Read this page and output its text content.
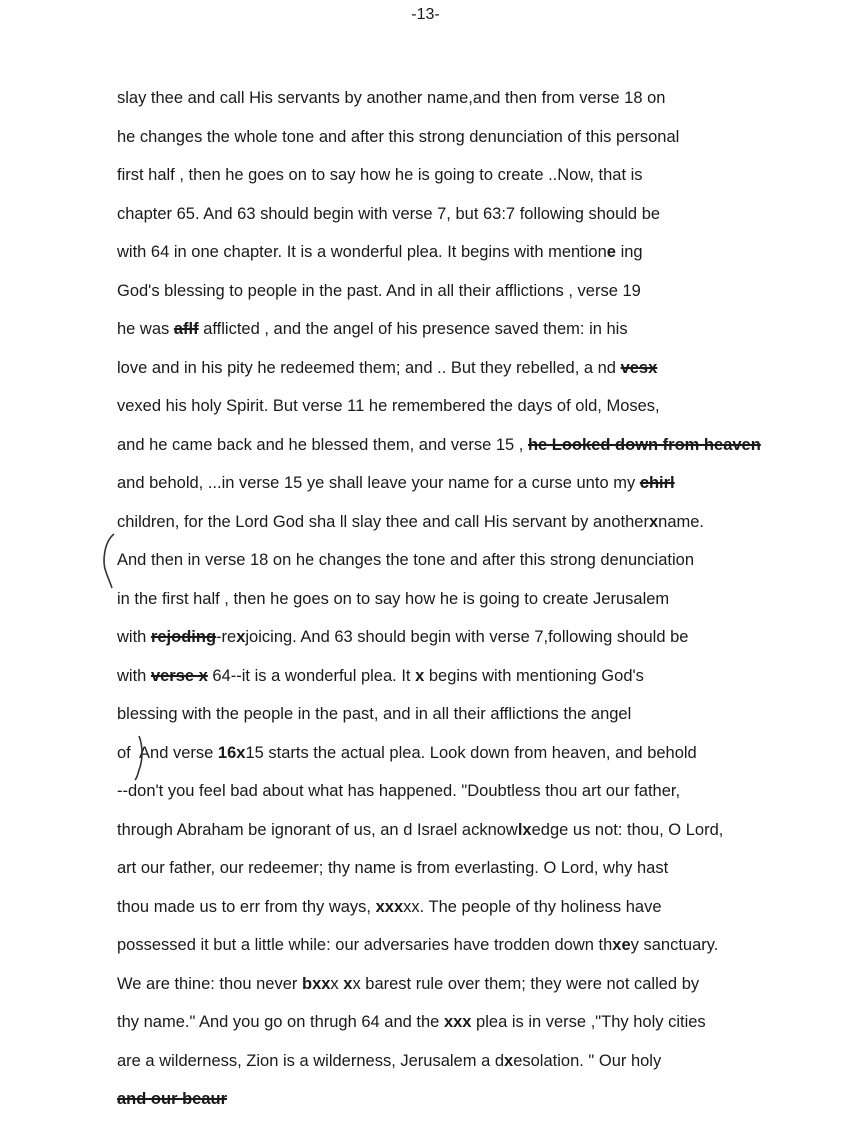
-13-
slay thee and call His servants by another name,and then from verse 18 on
he changes the whole tone and after this strong denunciation of this personal
first half , then he goes on to say how he is going to create ..Now, that is
chapter 65. And 63 should begin with verse 7, but 63:7 following should be
with 64 in one chapter. It is a wonderful plea. It begins with mentione ing
God's blessing to people in the past. And in all their afflictions , verse 19
he was aflf afflicted , and the angel of his presence saved them: in his
love and in his pity he redeemed them; and .. But they rebelled, a nd vesx
vexed his holy Spirit. But verse 11 he remembered the days of old, Moses,
and he came back and he blessed them, and verse 15 , he Looked down from heaven
and behold, ...in verse 15 ye shall leave your name for a curse unto my chirl
children, for the Lord God sha ll slay thee and call His servant by anotherxname.
And then in verse 18 on he changes the tone and after this strong denunciation
in the first half , then he goes on to say how he is going to create Jerusalem
with rejoding-rexjoicing. And 63 should begin with verse 7,following should be
with verse x 64--it is a wonderful plea. It x begins with mentioning God's
blessing with the people in the past, and in all their afflictions the angel
of  And verse 16x15 starts the actual plea. Look down from heaven, and behold
--don't you feel bad about what has happened. "Doubtless thou art our father,
through Abraham be ignorant of us, an d Israel acknowlxedge us not: thou, O Lord,
art our father, our redeemer; thy name is from everlasting. O Lord, why hast
thou made us to err from thy ways, xxxxx. The people of thy holiness have
possessed it but a little while: our adversaries have trodden down thxey sanctuary.
We are thine: thou never bxxx xx barest rule over them; they were not called by
thy name." And you go on thrugh 64 and the xxx plea is in verse ,"Thy holy cities
are a wilderness, Zion is a wilderness, Jerusalem a dxesolation. " Our holy
and our beaur
